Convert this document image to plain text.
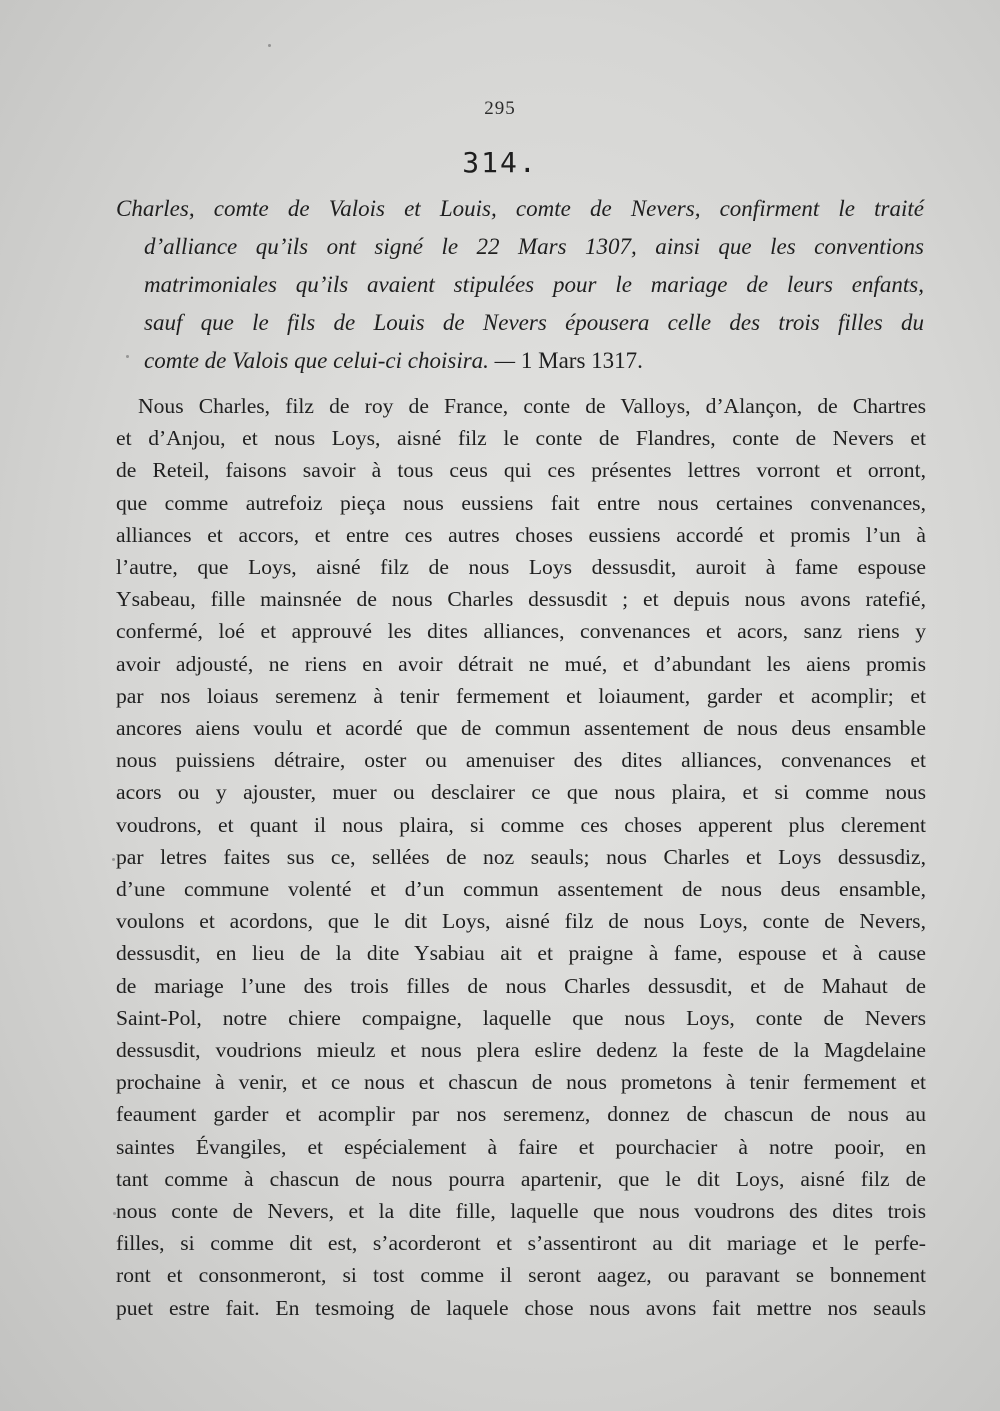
295
314.
Charles, comte de Valois et Louis, comte de Nevers, confirment le traité
d’alliance qu’ils ont signé le 22 Mars 1307, ainsi que les conventions
matrimoniales qu’ils avaient stipulées pour le mariage de leurs enfants,
sauf que le fils de Louis de Nevers épousera celle des trois filles du
comte de Valois que celui-ci choisira. — 1 Mars 1317.
Nous Charles, filz de roy de France, conte de Valloys, d’Alançon, de Chartres
et d’Anjou, et nous Loys, aisné filz le conte de Flandres, conte de Nevers et
de Reteil, faisons savoir à tous ceus qui ces présentes lettres vorront et orront,
que comme autrefoiz pieça nous eussiens fait entre nous certaines convenances,
alliances et accors, et entre ces autres choses eussiens accordé et promis l’un à
l’autre, que Loys, aisné filz de nous Loys dessusdit, auroit à fame espouse
Ysabeau, fille mainsnée de nous Charles dessusdit ; et depuis nous avons ratefié,
confermé, loé et approuvé les dites alliances, convenances et acors, sanz riens y
avoir adjousté, ne riens en avoir détrait ne mué, et d’abundant les aiens promis
par nos loiaus seremenz à tenir fermement et loiaument, garder et acomplir; et
ancores aiens voulu et acordé que de commun assentement de nous deus ensamble
nous puissiens détraire, oster ou amenuiser des dites alliances, convenances et
acors ou y ajouster, muer ou desclairer ce que nous plaira, et si comme nous
voudrons, et quant il nous plaira, si comme ces choses apperent plus clerement
par letres faites sus ce, sellées de noz seauls; nous Charles et Loys dessusdiz,
d’une commune volenté et d’un commun assentement de nous deus ensamble,
voulons et acordons, que le dit Loys, aisné filz de nous Loys, conte de Nevers,
dessusdit, en lieu de la dite Ysabiau ait et praigne à fame, espouse et à cause
de mariage l’une des trois filles de nous Charles dessusdit, et de Mahaut de
Saint-Pol, notre chiere compaigne, laquelle que nous Loys, conte de Nevers
dessusdit, voudrions mieulz et nous plera eslire dedenz la feste de la Magdelaine
prochaine à venir, et ce nous et chascun de nous prometons à tenir fermement et
feaument garder et acomplir par nos seremenz, donnez de chascun de nous au
saintes Évangiles, et espécialement à faire et pourchacier à notre pooir, en
tant comme à chascun de nous pourra apartenir, que le dit Loys, aisné filz de
nous conte de Nevers, et la dite fille, laquelle que nous voudrons des dites trois
filles, si comme dit est, s’acorderont et s’assentiront au dit mariage et le perfe-
ront et consonmeront, si tost comme il seront aagez, ou paravant se bonnement
puet estre fait. En tesmoing de laquele chose nous avons fait mettre nos seauls
